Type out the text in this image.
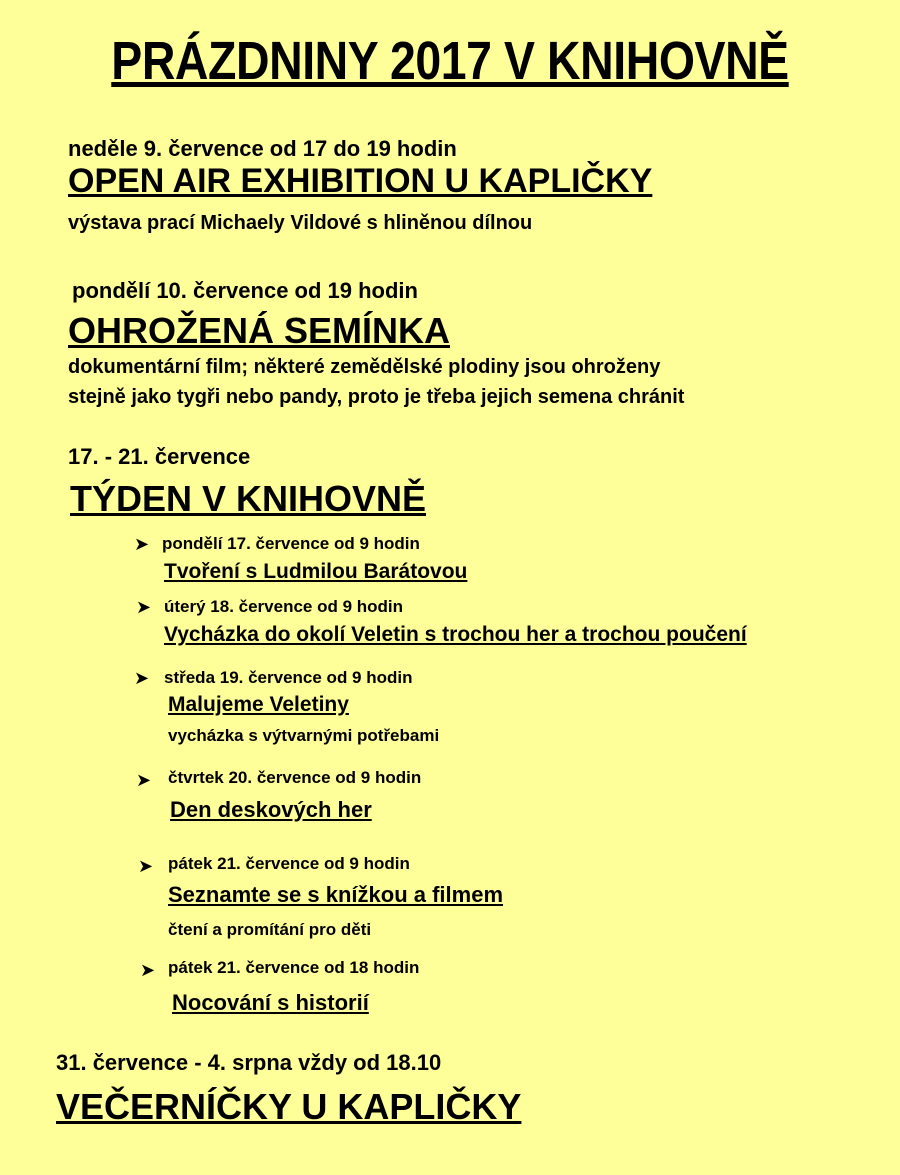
PRÁZDNINY 2017 V KNIHOVNĚ
neděle 9. července od 17 do 19 hodin
OPEN AIR EXHIBITION U KAPLIČKY
výstava prací Michaely Vildové s hliněnou dílnou
pondělí 10. července od 19 hodin
OHROŽENÁ SEMÍNKA
dokumentární film; některé zemědělské plodiny jsou ohroženy
stejně jako tygři nebo pandy, proto je třeba jejich semena chránit
17. - 21. července
TÝDEN V KNIHOVNĚ
➤ pondělí 17. července od 9 hodin
Tvoření s Ludmilou Barátovou
➤ úterý 18. července od 9 hodin
Vycházka do okolí Veletin s trochou her a trochou poučení
➤ středa 19. července od 9 hodin
Malujeme Veletiny
vycházka s výtvarnými potřebami
➤ čtvrtek 20. července od 9 hodin
Den deskových her
➤ pátek 21. července od 9 hodin
Seznamte se s knížkou a filmem
čtení a promítání pro děti
➤ pátek 21. července od 18 hodin
Nocování s historií
31. července - 4. srpna vždy od 18.10
VEČERNÍČKY U KAPLIČKY
